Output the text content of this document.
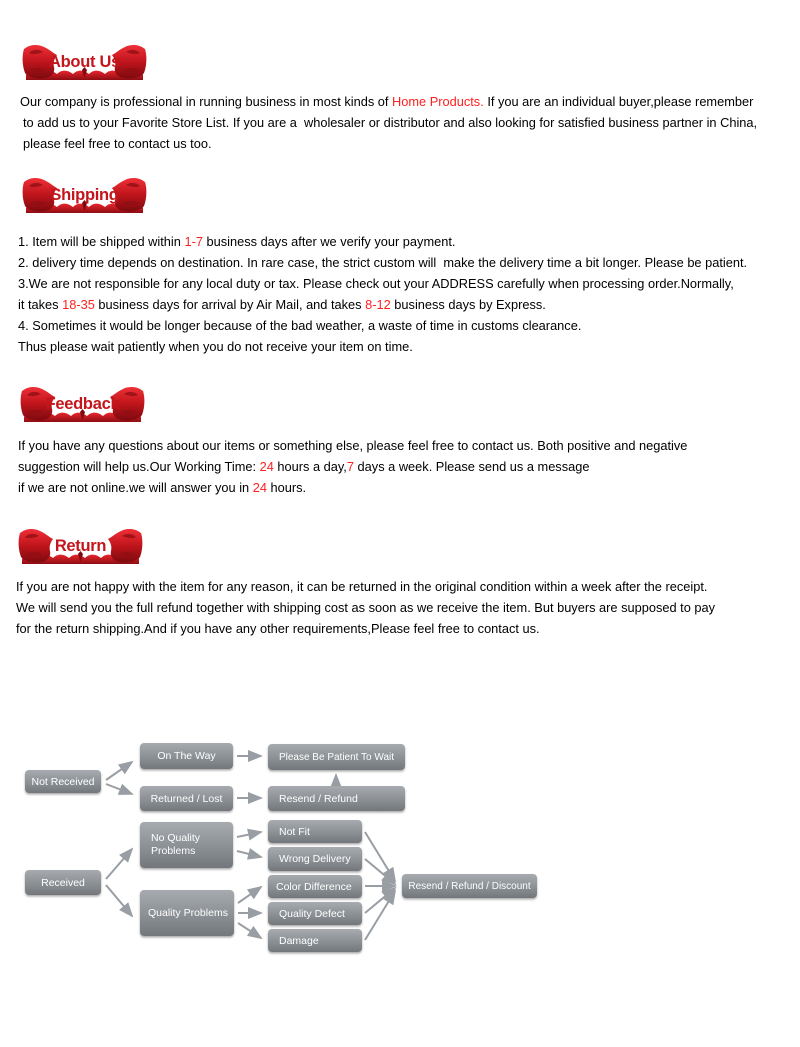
About Us
Our company is professional in running business in most kinds of Home Products. If you are an individual buyer,please remember
to add us to your Favorite Store List. If you are a  wholesaler or distributor and also looking for satisfied business partner in China,
please feel free to contact us too.
Shipping
1. Item will be shipped within 1-7 business days after we verify your payment.
2. delivery time depends on destination. In rare case, the strict custom will  make the delivery time a bit longer. Please be patient.
3.We are not responsible for any local duty or tax. Please check out your ADDRESS carefully when processing order.Normally,
it takes 18-35 business days for arrival by Air Mail, and takes 8-12 business days by Express.
4. Sometimes it would be longer because of the bad weather, a waste of time in customs clearance.
Thus please wait patiently when you do not receive your item on time.
Feedback
If you have any questions about our items or something else, please feel free to contact us. Both positive and negative
suggestion will help us.Our Working Time: 24 hours a day,7 days a week. Please send us a message
if we are not online.we will answer you in 24 hours.
Return
If you are not happy with the item for any reason, it can be returned in the original condition within a week after the receipt.
We will send you the full refund together with shipping cost as soon as we receive the item. But buyers are supposed to pay
for the return shipping.And if you have any other requirements,Please feel free to contact us.
Not Received
On The Way
Returned / Lost
Please Be Patient To Wait
Resend / Refund
Received
No Quality Problems
Quality Problems
Not Fit
Wrong Delivery
Color Difference
Quality Defect
Damage
Resend / Refund / Discount
